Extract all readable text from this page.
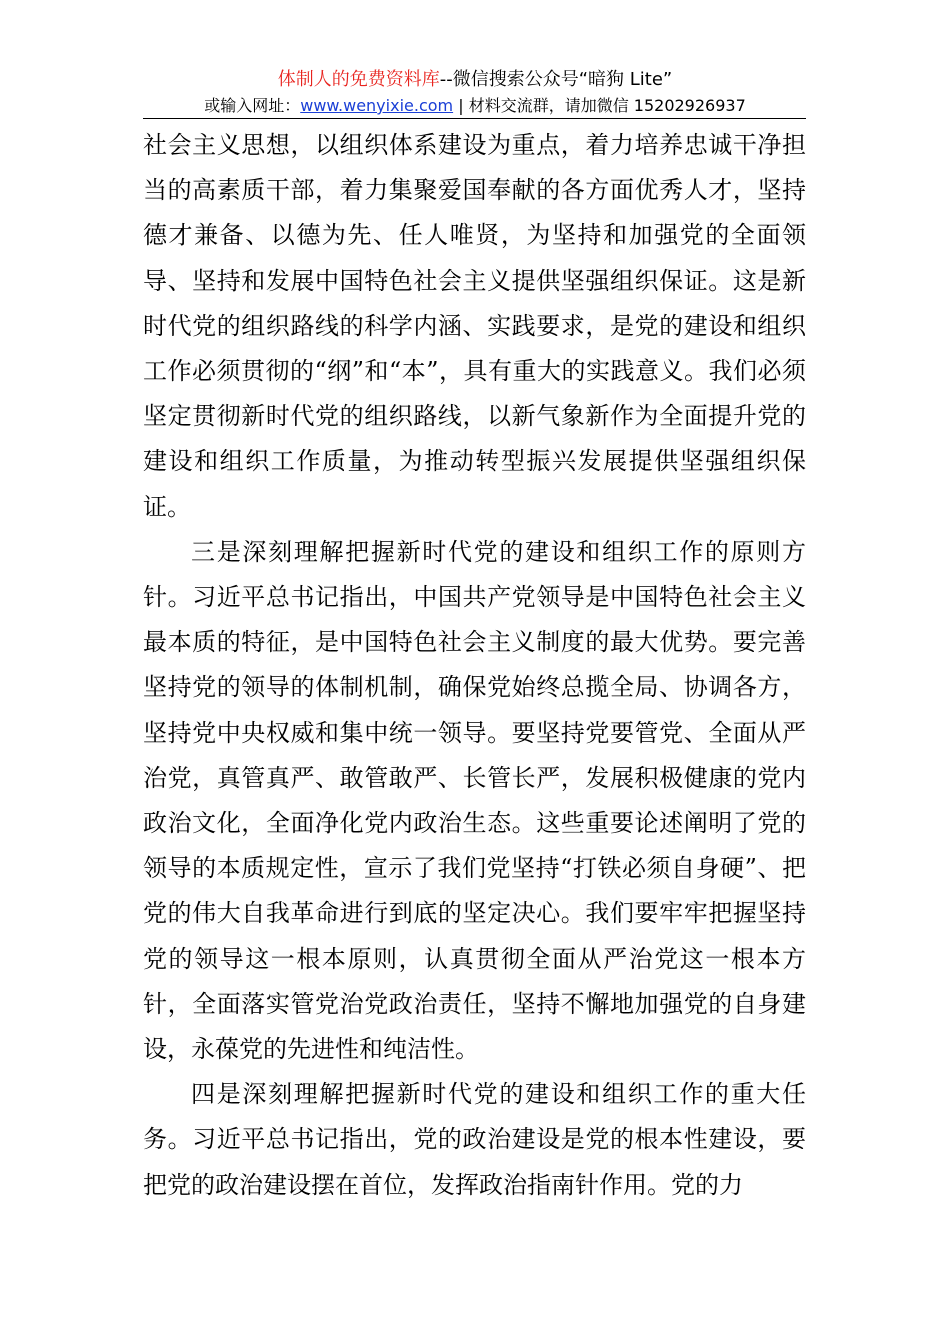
体制人的免费资料库--微信搜索公众号“暗狗 Lite”
或输入网址：www.wenyixie.com | 材料交流群，请加微信 15202926937

社会主义思想，以组织体系建设为重点，着力培养忠诚干净担当的高素质干部，着力集聚爱国奉献的各方面优秀人才，坚持德才兼备、以德为先、任人唯贤，为坚持和加强党的全面领导、坚持和发展中国特色社会主义提供坚强组织保证。这是新时代党的组织路线的科学内涵、实践要求，是党的建设和组织工作必须贯彻的“纲”和“本”，具有重大的实践意义。我们必须坚定贯彻新时代党的组织路线，以新气象新作为全面提升党的建设和组织工作质量，为推动转型振兴发展提供坚强组织保证。

三是深刻理解把握新时代党的建设和组织工作的原则方针。习近平总书记指出，中国共产党领导是中国特色社会主义最本质的特征，是中国特色社会主义制度的最大优势。要完善坚持党的领导的体制机制，确保党始终总揽全局、协调各方，坚持党中央权威和集中统一领导。要坚持党要管党、全面从严治党，真管真严、敢管敢严、长管长严，发展积极健康的党内政治文化，全面净化党内政治生态。这些重要论述阐明了党的领导的本质规定性，宣示了我们党坚持“打铁必须自身硬”、把党的伟大自我革命进行到底的坚定决心。我们要牢牢把握坚持党的领导这一根本原则，认真贯彻全面从严治党这一根本方针，全面落实管党治党政治责任，坚持不懈地加强党的自身建设，永葆党的先进性和纯洁性。

四是深刻理解把握新时代党的建设和组织工作的重大任务。习近平总书记指出，党的政治建设是党的根本性建设，要把党的政治建设摆在首位，发挥政治指南针作用。党的力
